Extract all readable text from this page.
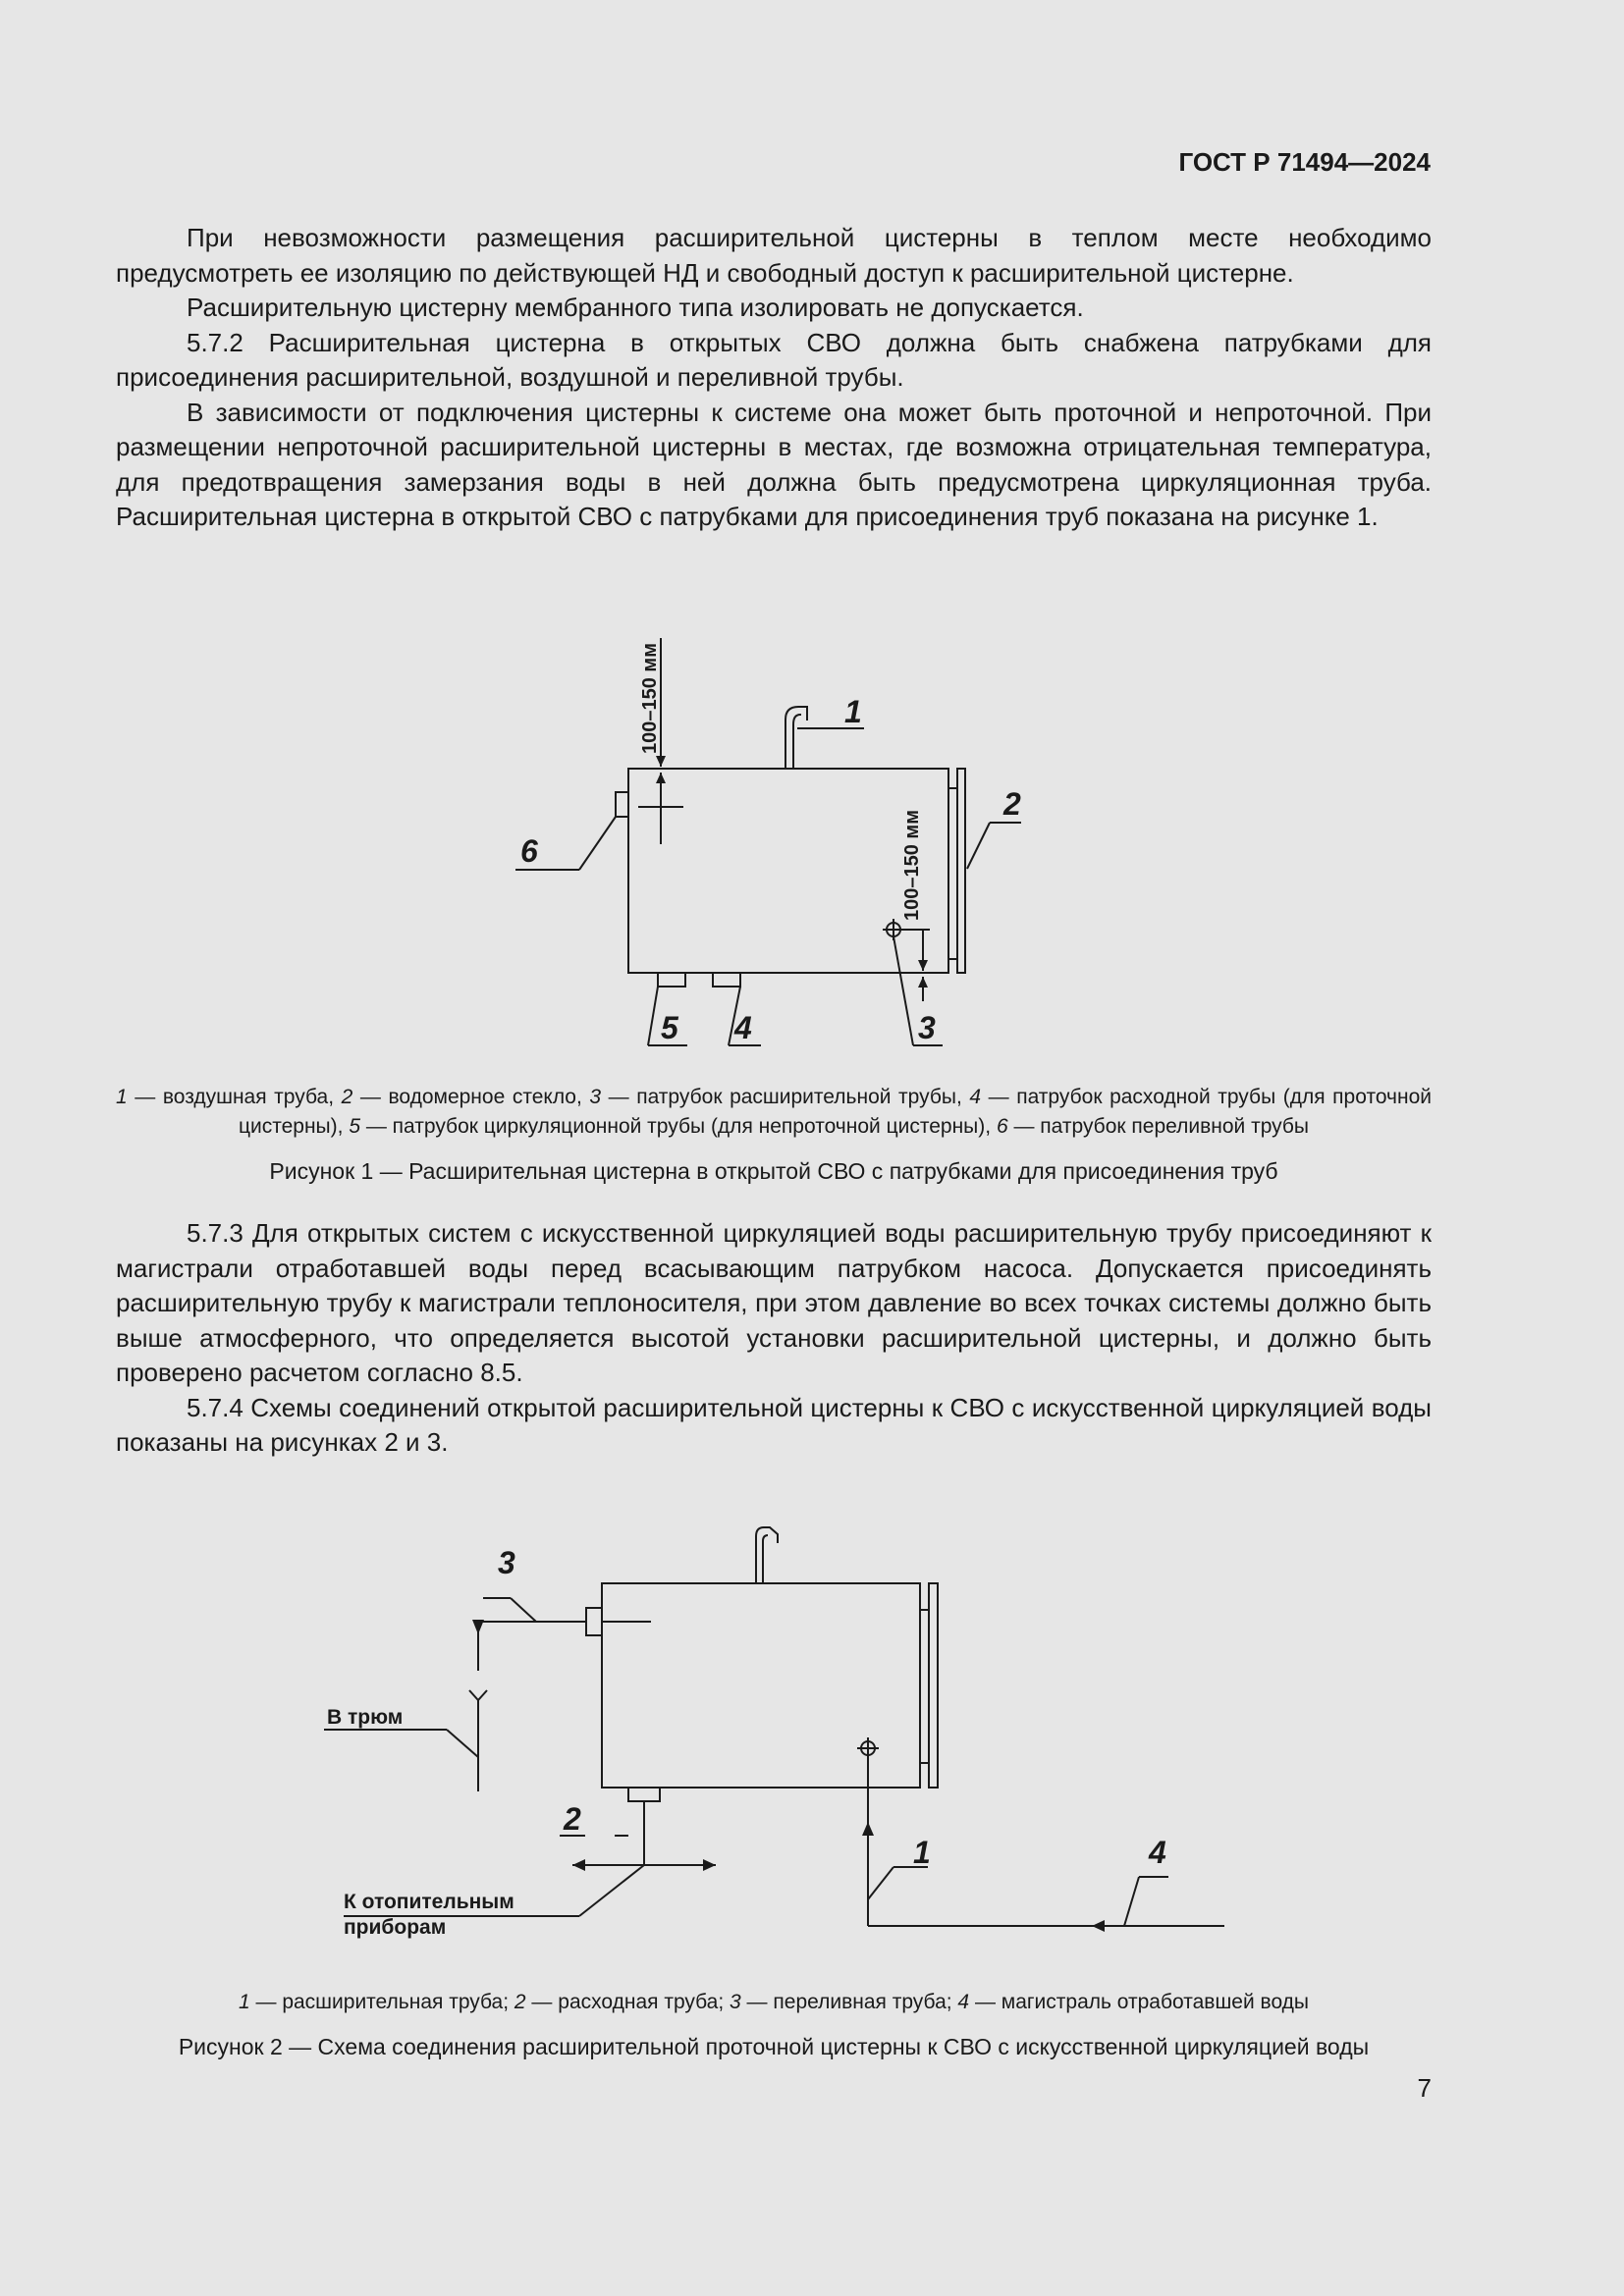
ГОСТ Р 71494—2024

При невозможности размещения расширительной цистерны в теплом месте необходимо предусмотреть ее изоляцию по действующей НД и свободный доступ к расширительной цистерне.

Расширительную цистерну мембранного типа изолировать не допускается.

5.7.2 Расширительная цистерна в открытых СВО должна быть снабжена патрубками для присоединения расширительной, воздушной и переливной трубы.

В зависимости от подключения цистерны к системе она может быть проточной и непроточной. При размещении непроточной расширительной цистерны в местах, где возможна отрицательная температура, для предотвращения замерзания воды в ней должна быть предусмотрена циркуляционная труба. Расширительная цистерна в открытой СВО с патрубками для присоединения труб показана на рисунке 1.

100–150 мм
100–150 мм
1
2
3
4
5
6
1 — воздушная труба, 2 — водомерное стекло, 3 — патрубок расширительной трубы, 4 — патрубок расходной трубы (для проточной цистерны), 5 — патрубок циркуляционной трубы (для непроточной цистерны), 6 — патрубок переливной трубы
Рисунок 1 — Расширительная цистерна в открытой СВО с патрубками для присоединения труб

5.7.3 Для открытых систем с искусственной циркуляцией воды расширительную трубу присоединяют к магистрали отработавшей воды перед всасывающим патрубком насоса. Допускается присоединять расширительную трубу к магистрали теплоносителя, при этом давление во всех точках системы должно быть выше атмосферного, что определяется высотой установки расширительной цистерны, и должно быть проверено расчетом согласно 8.5.

5.7.4 Схемы соединений открытой расширительной цистерны к СВО с искусственной циркуляцией воды показаны на рисунках 2 и 3.

3
2
1	4
В трюм
К отопительным
приборам
1 — расширительная труба; 2 — расходная труба; 3 — переливная труба; 4 — магистраль отработавшей воды
Рисунок 2 — Схема соединения расширительной проточной цистерны к СВО с искусственной циркуляцией воды
7
